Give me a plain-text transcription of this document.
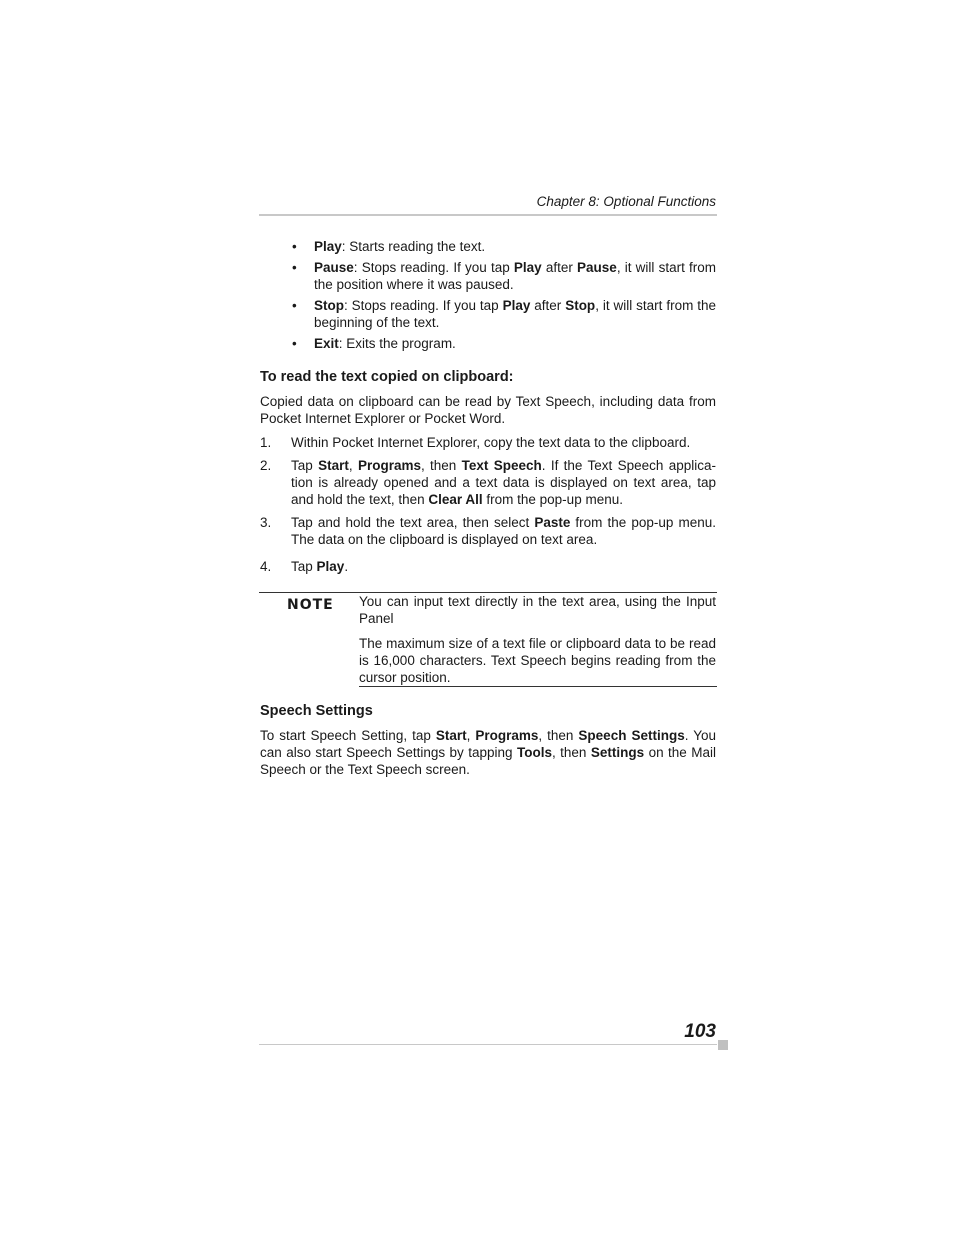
Chapter 8: Optional Functions
• Play: Starts reading the text.
• Pause: Stops reading. If you tap Play after Pause, it will start from the position where it was paused.
• Stop: Stops reading. If you tap Play after Stop, it will start from the beginning of the text.
• Exit: Exits the program.
To read the text copied on clipboard:
Copied data on clipboard can be read by Text Speech, including data from Pocket Internet Explorer or Pocket Word.
1. Within Pocket Internet Explorer, copy the text data to the clipboard.
2. Tap Start, Programs, then Text Speech. If the Text Speech applica-tion is already opened and a text data is displayed on text area, tap and hold the text, then Clear All from the pop-up menu.
3. Tap and hold the text area, then select Paste from the pop-up menu. The data on the clipboard is displayed on text area.
4. Tap Play.
NOTE You can input text directly in the text area, using the Input Panel

The maximum size of a text file or clipboard data to be read is 16,000 characters. Text Speech begins reading from the cursor position.

Speech Settings
To start Speech Setting, tap Start, Programs, then Speech Settings. You can also start Speech Settings by tapping Tools, then Settings on the Mail Speech or the Text Speech screen.
103
